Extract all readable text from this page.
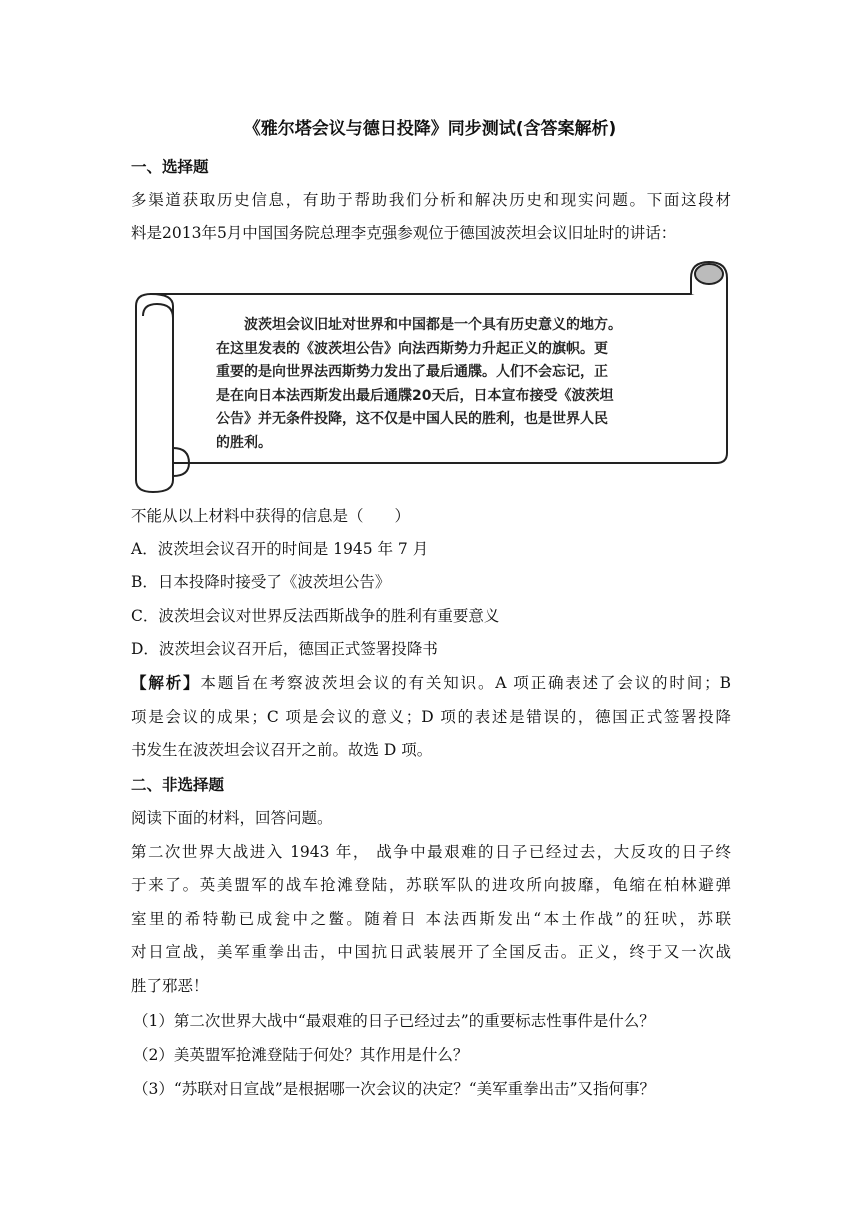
《雅尔塔会议与德日投降》同步测试(含答案解析)
一、选择题
多渠道获取历史信息，有助于帮助我们分析和解决历史和现实问题。下面这段材
料是2013年5月中国国务院总理李克强参观位于德国波茨坦会议旧址时的讲话：
　　波茨坦会议旧址对世界和中国都是一个具有历史意义的地方。
在这里发表的《波茨坦公告》向法西斯势力升起正义的旗帜。更
重要的是向世界法西斯势力发出了最后通牒。人们不会忘记，正
是在向日本法西斯发出最后通牒20天后，日本宣布接受《波茨坦
公告》并无条件投降，这不仅是中国人民的胜利，也是世界人民
的胜利。
不能从以上材料中获得的信息是（　　）
A．波茨坦会议召开的时间是 1945 年 7 月
B．日本投降时接受了《波茨坦公告》
C．波茨坦会议对世界反法西斯战争的胜利有重要意义
D．波茨坦会议召开后，德国正式签署投降书
【解析】本题旨在考察波茨坦会议的有关知识。A 项正确表述了会议的时间；B
项是会议的成果；C 项是会议的意义；D 项的表述是错误的，德国正式签署投降
书发生在波茨坦会议召开之前。故选 D 项。
二、非选择题
阅读下面的材料，回答问题。
第二次世界大战进入 1943 年， 战争中最艰难的日子已经过去，大反攻的日子终
于来了。英美盟军的战车抢滩登陆，苏联军队的进攻所向披靡，龟缩在柏林避弹
室里的希特勒已成瓮中之鳖。随着日 本法西斯发出“本土作战”的狂吠，苏联
对日宣战，美军重拳出击，中国抗日武装展开了全国反击。正义，终于又一次战
胜了邪恶！
（1）第二次世界大战中“最艰难的日子已经过去”的重要标志性事件是什么？
（2）美英盟军抢滩登陆于何处？其作用是什么？
（3）“苏联对日宣战”是根据哪一次会议的决定？“美军重拳出击”又指何事？
